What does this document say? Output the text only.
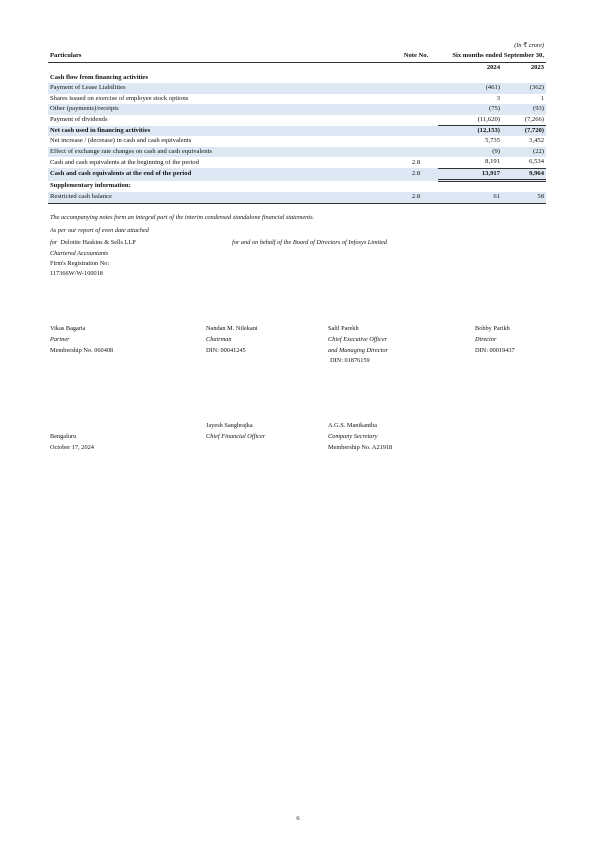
(In ₹ crore)
Particulars	Note No.	Six months ended September 30,	
		2024	2023
Cash flow from financing activities			
Payment of Lease Liabilities		(461)	(362)
Shares issued on exercise of employee stock options		3	1
Other (payments)/receipts		(75)	(93)
Payment of dividends		(11,620)	(7,266)
Net cash used in financing activities		(12,153)	(7,720)
Net increase / (decrease) in cash and cash equivalents		5,735	3,452
Effect of exchange rate changes on cash and cash equivalents		(9)	(22)
Cash and cash equivalents at the beginning of the period	2.8	8,191	6,534
Cash and cash equivalents at the end of the period	2.8	13,917	9,964
Supplementary information:			
Restricted cash balance	2.8	61	58
The accompanying notes form an integral part of the interim condensed standalone financial statements.
As per our report of even date attached
for Deloitte Haskins & Sells LLP	for and on behalf of the Board of Directors of Infosys Limited
Chartered Accountants
Firm's Registration No:
117366W/W-100018
Vikas Bagaria
Partner
Membership No. 060408
Nandan M. Nilekani
Chairman
DIN: 00041245
Salil Parekh
Chief Executive Officer
and Managing Director
DIN: 01876159
Bobby Parikh
Director
DIN: 00019437
Jayesh Sanghrajka
Chief Financial Officer
A.G.S. Manikantha
Company Secretary
Membership No. A21918
Bengaluru
October 17, 2024
6
